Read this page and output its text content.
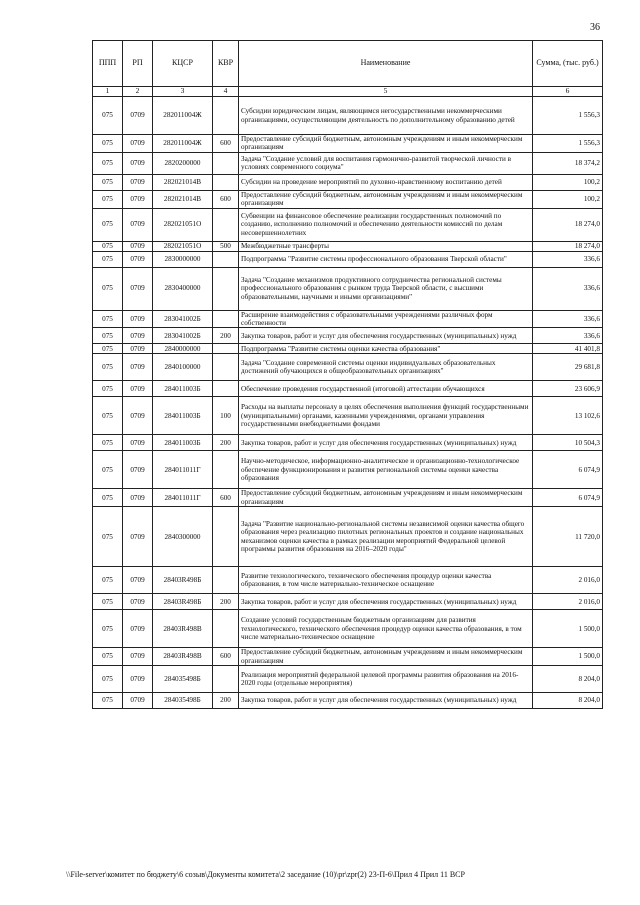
36
ППП	РП	КЦСР	КВР	Наименование	Сумма, (тыс. руб.)
1	2	3	4	5	6
075	0709	282011004Ж		Субсидии юридическим лицам, являющимся негосударственными некоммерческими организациями, осуществляющим деятельность по дополнительному образованию детей	1 556,3
075	0709	282011004Ж	600	Предоставление субсидий бюджетным, автономным учреждениям и иным некоммерческим организациям	1 556,3
075	0709	2820200000		Задача "Создание условий для воспитания гармонично-развитой творческой личности в условиях современного социума"	18 374,2
075	0709	282021014В		Субсидии на проведение мероприятий по духовно-нравственному воспитанию детей	100,2
075	0709	282021014В	600	Предоставление субсидий бюджетным, автономным учреждениям и иным некоммерческим организациям	100,2
075	0709	282021051О		Субвенции на финансовое обеспечение реализации государственных полномочий по созданию, исполнению полномочий и обеспечению деятельности комиссий по делам несовершеннолетних	18 274,0
075	0709	282021051О	500	Межбюджетные трансферты	18 274,0
075	0709	2830000000		Подпрограмма "Развитие системы профессионального образования Тверской области"	336,6
075	0709	2830400000		Задача "Создание механизмов продуктивного сотрудничества региональной системы профессионального образования с рынком труда Тверской области, с высшими образовательными, научными и иными организациями"	336,6
075	0709	283041002Б		Расширение взаимодействия с образовательными учреждениями различных форм собственности	336,6
075	0709	283041002Б	200	Закупка товаров, работ и услуг для обеспечения государственных (муниципальных) нужд	336,6
075	0709	2840000000		Подпрограмма "Развитие системы оценки качества образования"	41 401,8
075	0709	2840100000		Задача "Создание современной системы оценки индивидуальных образовательных достижений обучающихся в общеобразовательных организациях"	29 681,8
075	0709	284011003Б		Обеспечение проведения государственной (итоговой) аттестации обучающихся	23 606,9
075	0709	284011003Б	100	Расходы на выплаты персоналу в целях обеспечения выполнения функций государственными (муниципальными) органами, казенными учреждениями, органами управления государственными внебюджетными фондами	13 102,6
075	0709	284011003Б	200	Закупка товаров, работ и услуг для обеспечения государственных (муниципальных) нужд	10 504,3
075	0709	284011011Г		Научно-методическое, информационно-аналитическое и организационно-технологическое обеспечение функционирования и развития региональной системы оценки качества образования	6 074,9
075	0709	284011011Г	600	Предоставление субсидий бюджетным, автономным учреждениям и иным некоммерческим организациям	6 074,9
075	0709	2840300000		Задача "Развитие национально-региональной системы независимой оценки качества общего образования через реализацию пилотных региональных проектов и создание национальных механизмов оценки качества в рамках реализации мероприятий Федеральной целевой программы развития образования на 2016–2020 годы"	11 720,0
075	0709	28403R498Б		Развитие технологического, технического обеспечения процедур оценки качества образования, в том числе материально-техническое оснащение	2 016,0
075	0709	28403R498Б	200	Закупка товаров, работ и услуг для обеспечения государственных (муниципальных) нужд	2 016,0
075	0709	28403R498В		Создание условий государственным бюджетным организациям для развития технологического, технического обеспечения процедур оценки качества образования, в том числе материально-техническое оснащение	1 500,0
075	0709	28403R498В	600	Предоставление субсидий бюджетным, автономным учреждениям и иным некоммерческим организациям	1 500,0
075	0709	284035498Б		Реализация мероприятий федеральной целевой программы развития образования на 2016-2020 годы (отдельные мероприятия)	8 204,0
075	0709	284035498Б	200	Закупка товаров, работ и услуг для обеспечения государственных (муниципальных) нужд	8 204,0
\\File-server\комитет по бюджету\6 созыв\Документы комитета\2 заседание (10)\pr\zpr(2) 23-П-6\Прил 4 Прил 11 ВСР
